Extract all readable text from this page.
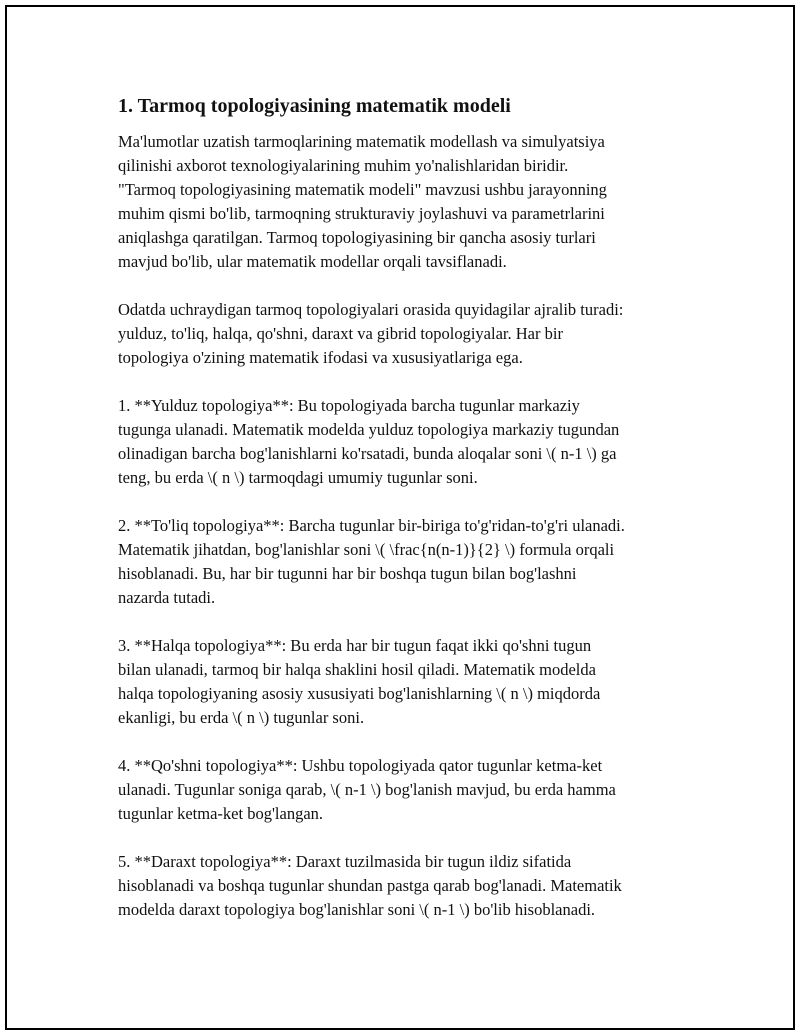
1. Tarmoq topologiyasining matematik modeli

Ma'lumotlar uzatish tarmoqlarining matematik modellash va simulyatsiya
qilinishi axborot texnologiyalarining muhim yo'nalishlaridan biridir.
"Tarmoq topologiyasining matematik modeli" mavzusi ushbu jarayonning
muhim qismi bo'lib, tarmoqning strukturaviy joylashuvi va parametrlarini
aniqlashga qaratilgan. Tarmoq topologiyasining bir qancha asosiy turlari
mavjud bo'lib, ular matematik modellar orqali tavsiflanadi.

Odatda uchraydigan tarmoq topologiyalari orasida quyidagilar ajralib turadi:
yulduz, to'liq, halqa, qo'shni, daraxt va gibrid topologiyalar. Har bir
topologiya o'zining matematik ifodasi va xususiyatlariga ega.

1. **Yulduz topologiya**: Bu topologiyada barcha tugunlar markaziy
tugunga ulanadi. Matematik modelda yulduz topologiya markaziy tugundan
olinadigan barcha bog'lanishlarni ko'rsatadi, bunda aloqalar soni \( n-1 \) ga
teng, bu erda \( n \) tarmoqdagi umumiy tugunlar soni.

2. **To'liq topologiya**: Barcha tugunlar bir-biriga to'g'ridan-to'g'ri ulanadi.
Matematik jihatdan, bog'lanishlar soni \( \frac{n(n-1)}{2} \) formula orqali
hisoblanadi. Bu, har bir tugunni har bir boshqa tugun bilan bog'lashni
nazarda tutadi.

3. **Halqa topologiya**: Bu erda har bir tugun faqat ikki qo'shni tugun
bilan ulanadi, tarmoq bir halqa shaklini hosil qiladi. Matematik modelda
halqa topologiyaning asosiy xususiyati bog'lanishlarning \( n \) miqdorda
ekanligi, bu erda \( n \) tugunlar soni.

4. **Qo'shni topologiya**: Ushbu topologiyada qator tugunlar ketma-ket
ulanadi. Tugunlar soniga qarab, \( n-1 \) bog'lanish mavjud, bu erda hamma
tugunlar ketma-ket bog'langan.

5. **Daraxt topologiya**: Daraxt tuzilmasida bir tugun ildiz sifatida
hisoblanadi va boshqa tugunlar shundan pastga qarab bog'lanadi. Matematik
modelda daraxt topologiya bog'lanishlar soni \( n-1 \) bo'lib hisoblanadi.
